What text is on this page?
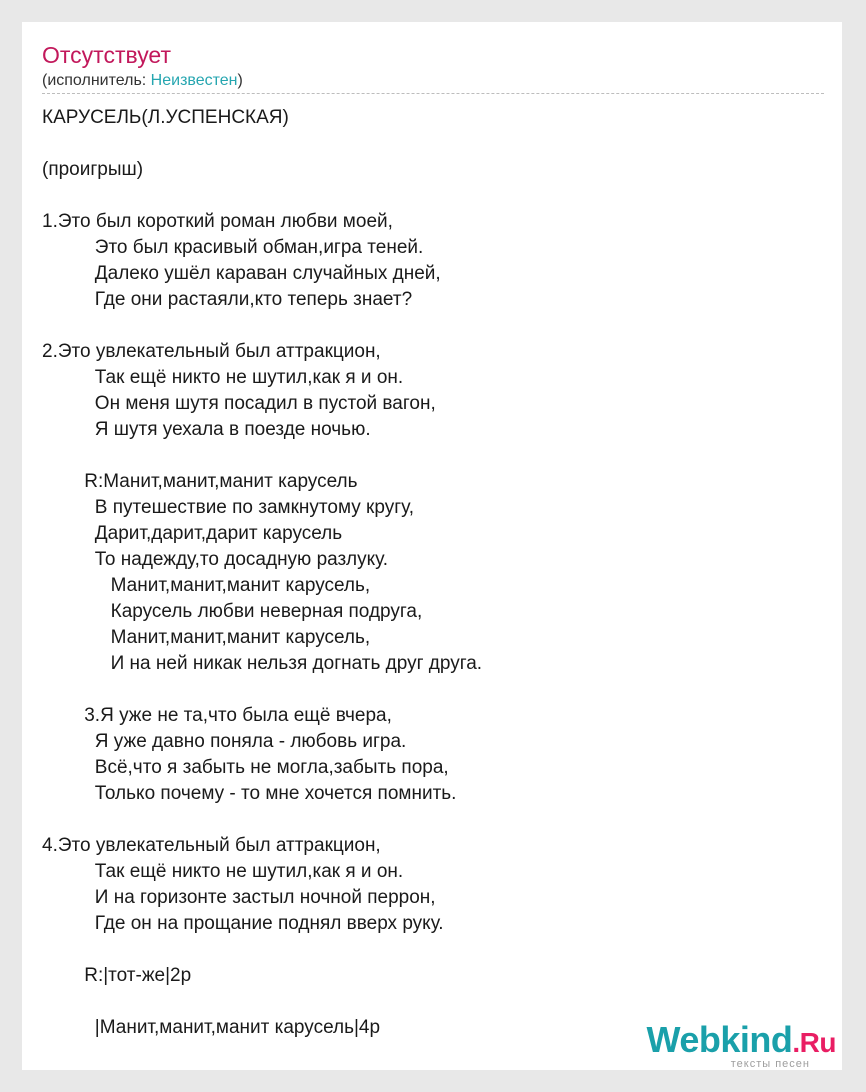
Отсутствует
(исполнитель: Неизвестен)
КАРУСЕЛЬ(Л.УСПЕНСКАЯ)
(проигрыш)
1.Это был короткий роман любви моей,
Это был красивый обман,игра теней.
Далеко ушёл караван случайных дней,
Где они растаяли,кто теперь знает?
2.Это увлекательный был аттракцион,
Так ещё никто не шутил,как я и он.
Он меня шутя посадил в пустой вагон,
Я шутя уехала в поезде ночью.
R:Манит,манит,манит карусель
В путешествие по замкнутому кругу,
Дарит,дарит,дарит карусель
То надежду,то досадную разлуку.
Манит,манит,манит карусель,
Карусель любви неверная подруга,
Манит,манит,манит карусель,
И на ней никак нельзя догнать друг друга.
3.Я уже не та,что была ещё вчера,
Я уже давно поняла - любовь игра.
Всё,что я забыть не могла,забыть пора,
Только почему - то мне хочется помнить.
4.Это увлекательный был аттракцион,
Так ещё никто не шутил,как я и он.
И на горизонте застыл ночной перрон,
Где он на прощание поднял вверх руку.
R:|тот-же|2p
|Манит,манит,манит карусель|4p	Webkind.Ru
тексты песен
